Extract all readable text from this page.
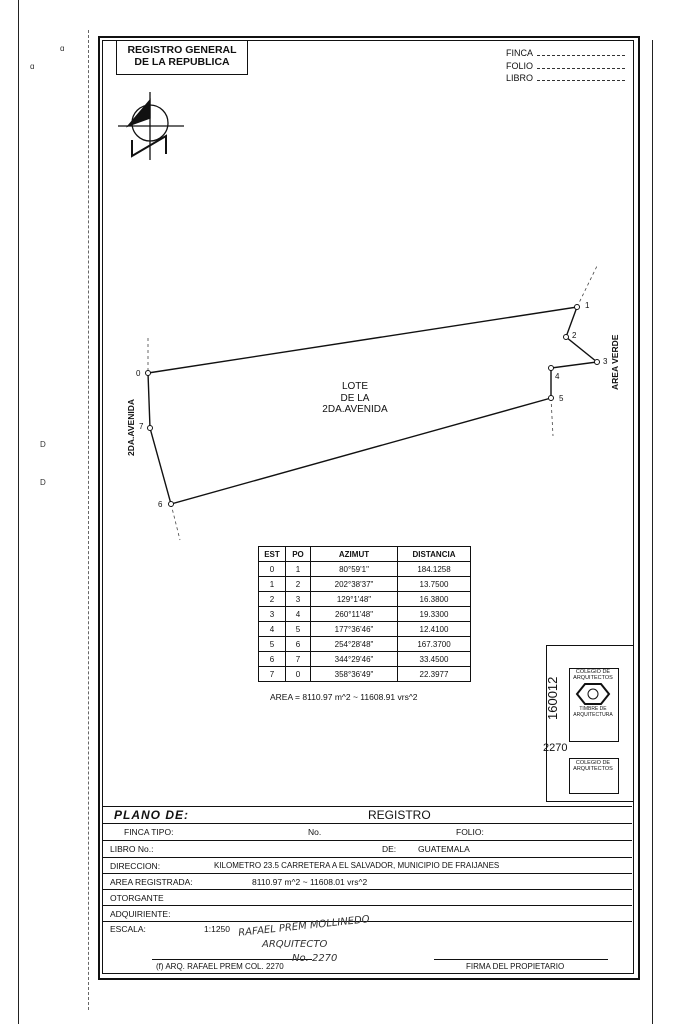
ɑ
ɑ
D
D
REGISTRO GENERAL
DE LA REPUBLICA
FINCA
FOLIO
LIBRO
0
1
2
3
4
5
6
7
LOTE
DE LA
2DA.AVENIDA
2DA.AVENIDA
AREA VERDE
EST	PO	AZIMUT	DISTANCIA
0	1	80°59'1"	184.1258
1	2	202°38'37"	13.7500
2	3	129°1'48"	16.3800
3	4	260°11'48"	19.3300
4	5	177°36'46"	12.4100
5	6	254°28'48"	167.3700
6	7	344°29'46"	33.4500
7	0	358°36'49"	22.3977
AREA = 8110.97 m^2 ~ 11608.91 vrs^2
COLEGIO DE
ARQUITECTOS
TIMBRE DE ARQUITECTURA
COLEGIO DE
ARQUITECTOS
160012
2270
PLANO DE:	REGISTRO
FINCA TIPO:	No.	FOLIO:
LIBRO No.:	DE:	GUATEMALA
DIRECCION:	KILOMETRO 23.5 CARRETERA A EL SALVADOR, MUNICIPIO DE FRAIJANES
AREA REGISTRADA:	8110.97 m^2 ~ 11608.01 vrs^2
OTORGANTE
ADQUIRIENTE:
ESCALA:	1:1250
(f) ARQ. RAFAEL PREM COL. 2270	FIRMA DEL PROPIETARIO
RAFAEL PREM MOLLINEDO
ARQUITECTO
No. 2270
